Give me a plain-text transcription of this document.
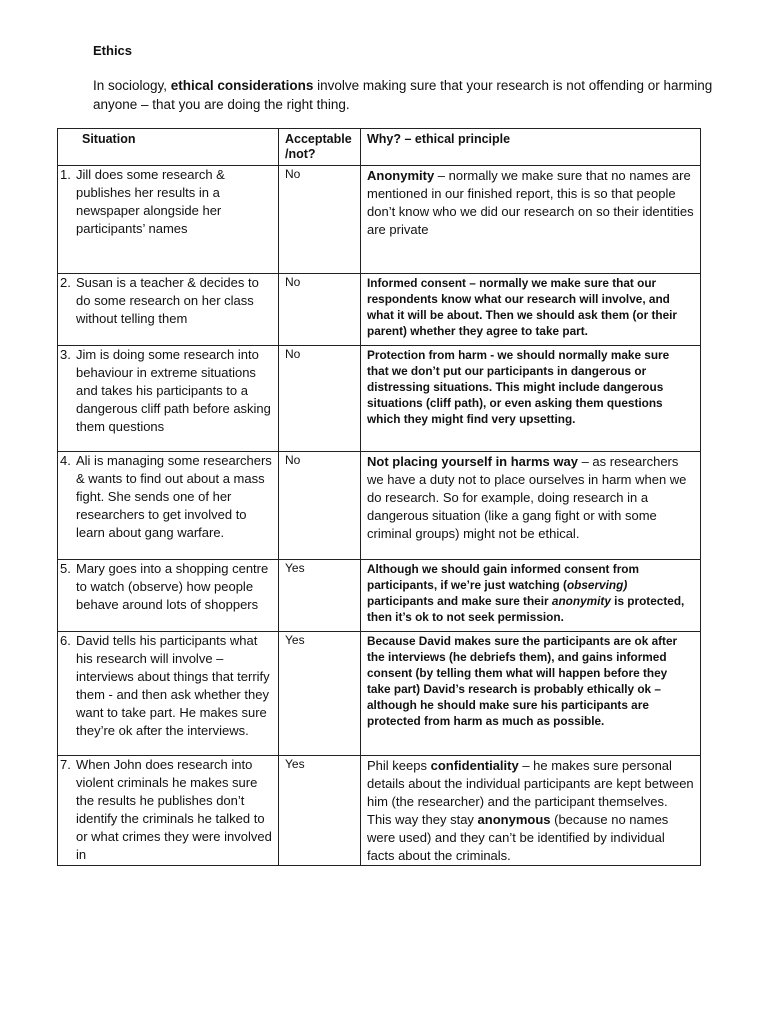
Ethics
In sociology, ethical considerations involve making sure that your research is not offending or harming anyone – that you are doing the right thing.
Situation	Acceptable /not?	Why? – ethical principle

1. Jill does some research & publishes her results in a newspaper alongside her participants’ names	No	Anonymity – normally we make sure that no names are mentioned in our finished report, this is so that people don’t know who we did our research on so their identities are private

2. Susan is a teacher & decides to do some research on her class without telling them	No	Informed consent – normally we make sure that our respondents know what our research will involve, and what it will be about. Then we should ask them (or their parent) whether they agree to take part.

3. Jim is doing some research into behaviour in extreme situations and takes his participants to a dangerous cliff path before asking them questions	No	Protection from harm - we should normally make sure that we don’t put our participants in dangerous or distressing situations. This might include dangerous situations (cliff path), or even asking them questions which they might find very upsetting.

4. Ali is managing some researchers & wants to find out about a mass fight. She sends one of her researchers to get involved to learn about gang warfare.	No	Not placing yourself in harms way – as researchers we have a duty not to place ourselves in harm when we do research. So for example, doing research in a dangerous situation (like a gang fight or with some criminal groups) might not be ethical.

5. Mary goes into a shopping centre to watch (observe) how people behave around lots of shoppers	Yes	Although we should gain informed consent from participants, if we’re just watching (observing) participants and make sure their anonymity is protected, then it’s ok to not seek permission.

6. David tells his participants what his research will involve – interviews about things that terrify them - and then ask whether they want to take part. He makes sure they’re ok after the interviews.	Yes	Because David makes sure the participants are ok after the interviews (he debriefs them), and gains informed consent (by telling them what will happen before they take part) David’s research is probably ethically ok – although he should make sure his participants are protected from harm as much as possible.

7. When John does research into violent criminals he makes sure the results he publishes don’t identify the criminals he talked to or what crimes they were involved in	Yes	Phil keeps confidentiality – he makes sure personal details about the individual participants are kept between him (the researcher) and the participant themselves. This way they stay anonymous (because no names were used) and they can’t be identified by individual facts about the criminals.
